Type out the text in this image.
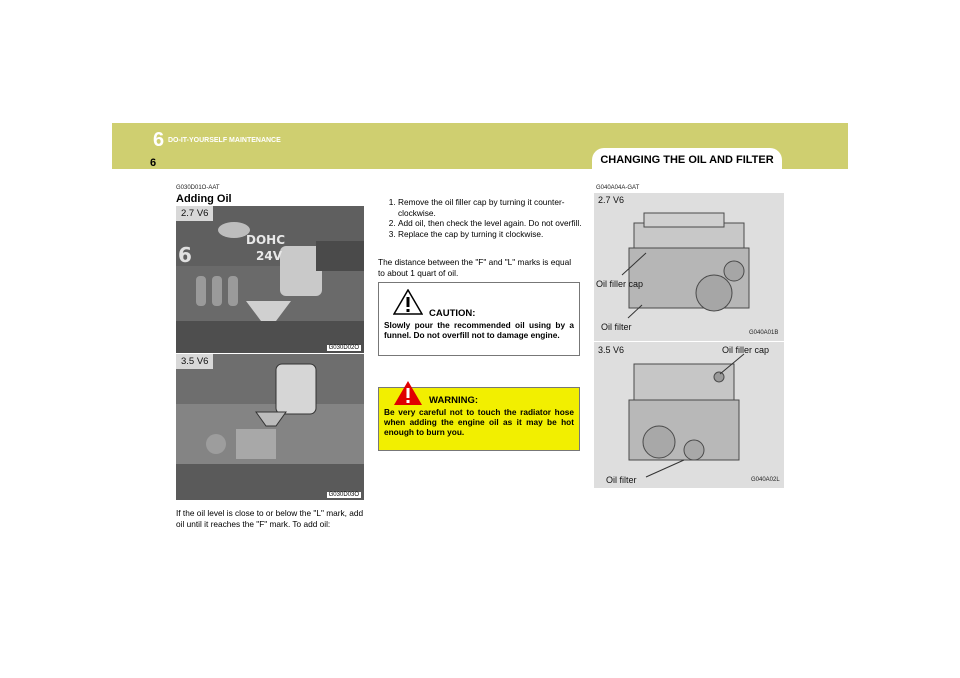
6 DO-IT-YOURSELF MAINTENANCE
6	CHANGING THE OIL AND FILTER
G030D01O-AAT
Adding Oil
DOHC
24V
6
2.7 V6
G030D02O
3.5 V6
G030D03O
If the oil level is close to or below the "L" mark, add oil until it reaches the "F" mark. To add oil:
1. Remove the oil filler cap by turning it counter-clockwise.
2. Add oil, then check the level again. Do not overfill.
3. Replace the cap by turning it clockwise.
The distance between the "F" and "L" marks is equal to about 1 quart of oil.
CAUTION:
Slowly pour the recommended oil using by a funnel. Do not overfill not to damage engine.
WARNING:
Be very careful not to touch the radiator hose when adding the engine oil as it may be hot enough to burn you.
G040A04A-GAT
2.7 V6
Oil filler cap
Oil filter
G040A01B
3.5 V6	Oil filler cap
Oil filter	G040A02L
